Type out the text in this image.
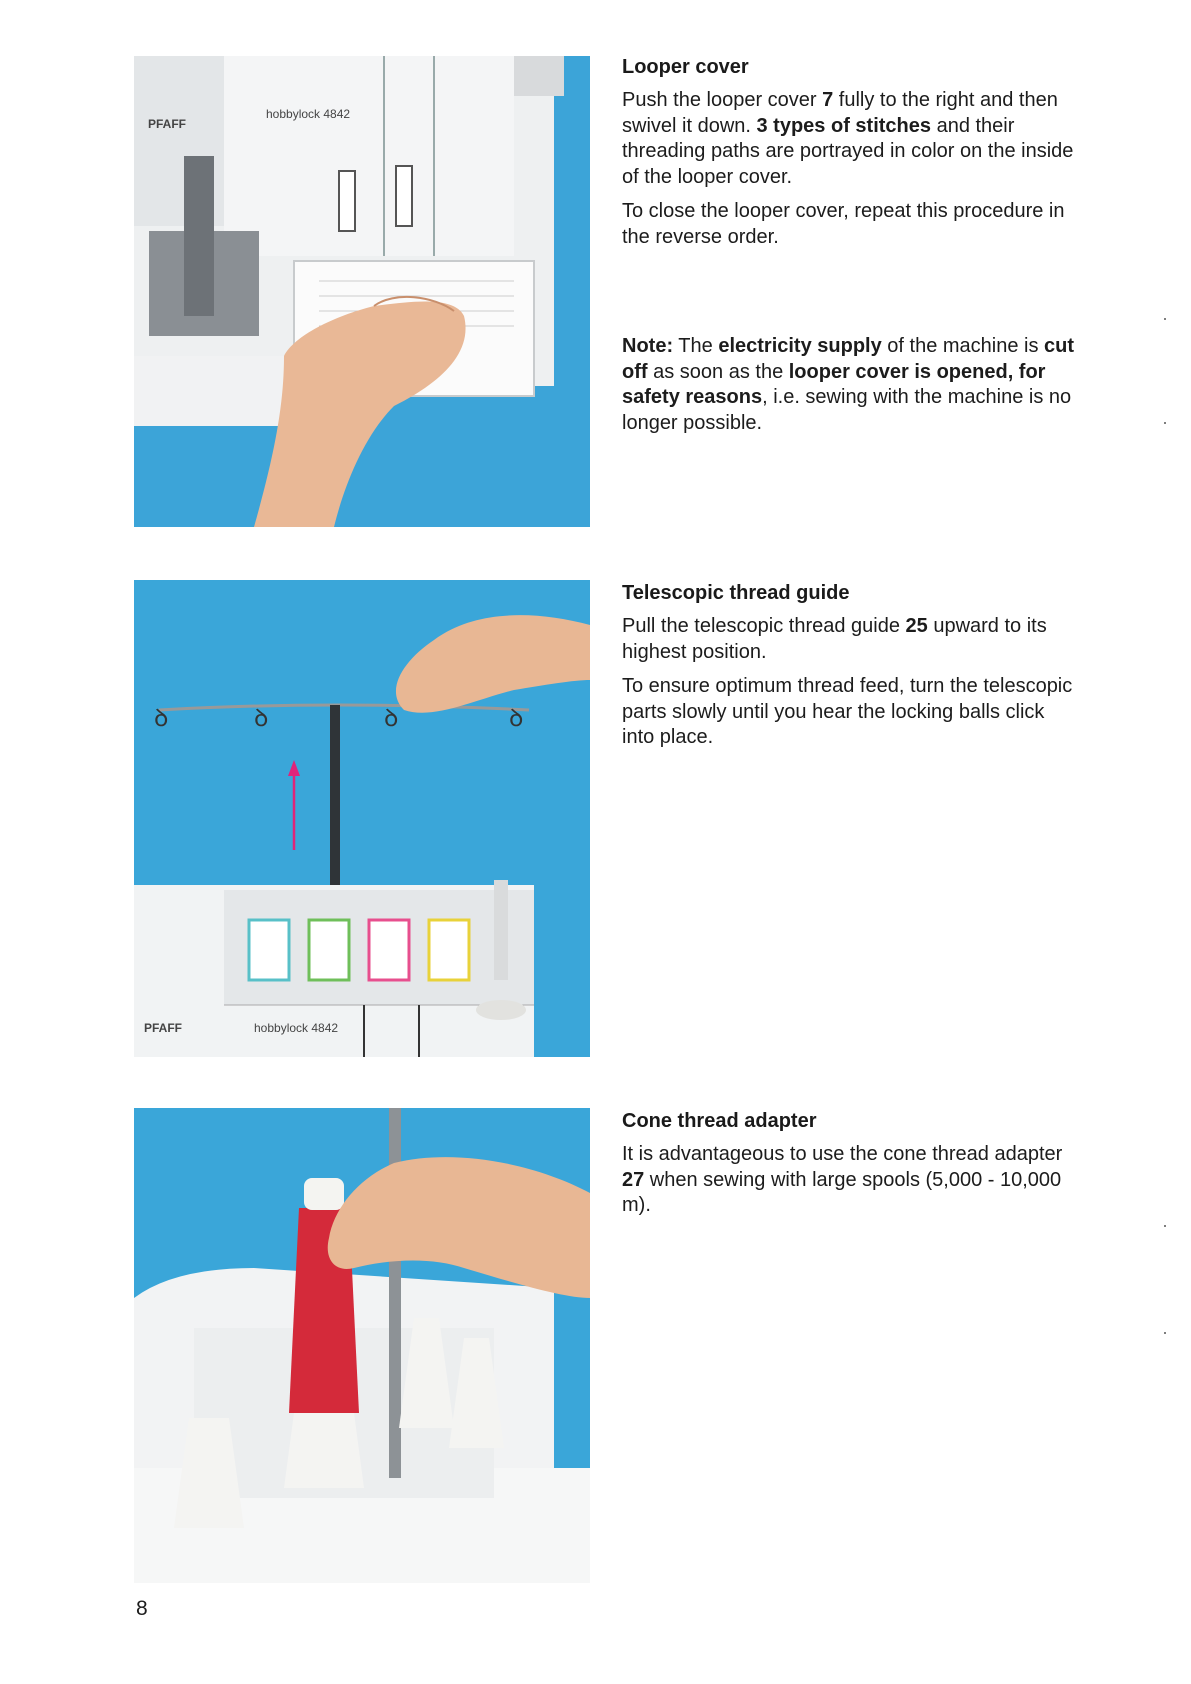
PFAFF
hobbylock 4842
ꝺ	ꝺ	ꝺ	ꝺ
PFAFF	hobbylock 4842
Looper cover

Push the looper cover 7 fully to the right and then swivel it down. 3 types of stitches and their threading paths are portrayed in color on the inside of the looper cover.

To close the looper cover, repeat this procedure in the reverse order.

Note: The electricity supply of the machine is cut off as soon as the looper cover is opened, for safety reasons, i.e. sewing with the machine is no longer possible.

Telescopic thread guide

Pull the telescopic thread guide 25 upward to its highest position.

To ensure optimum thread feed, turn the telescopic parts slowly until you hear the locking balls click into place.

Cone thread adapter

It is advantageous to use the cone thread adapter 27 when sewing with large spools (5,000 - 10,000 m).

8
